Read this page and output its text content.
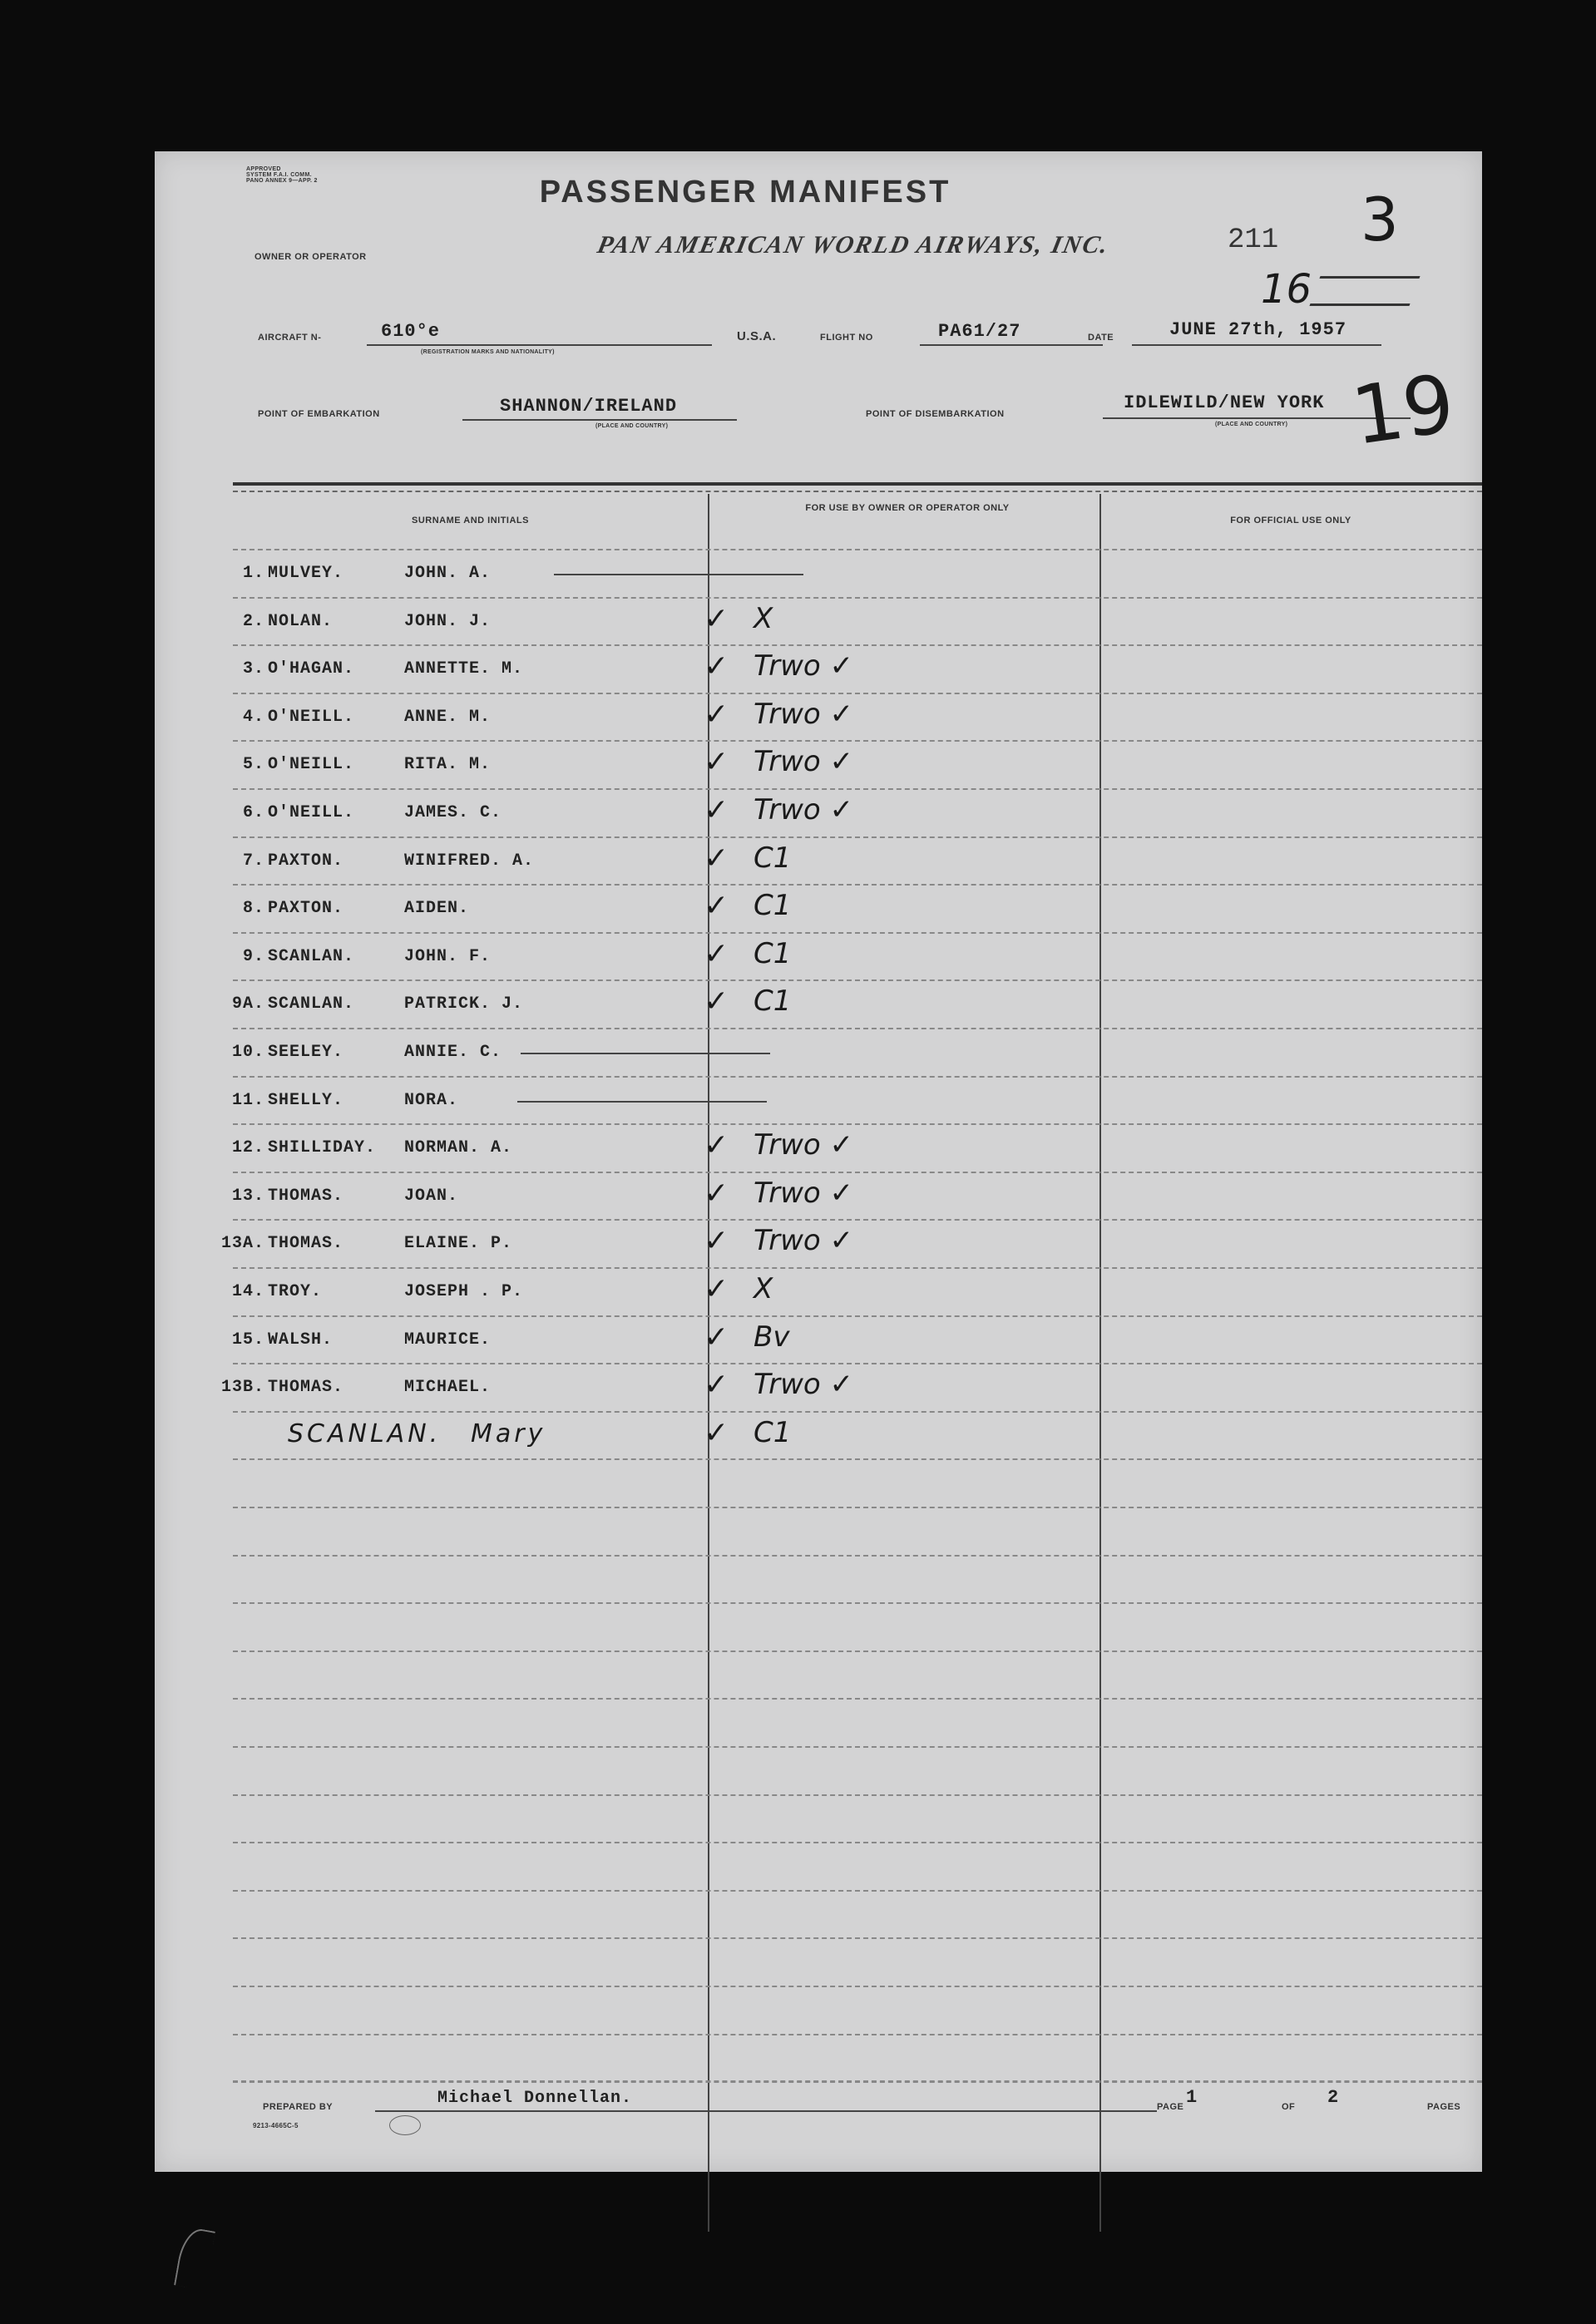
APPROVED
SYSTEM F.A.I. COMM.
PANO ANNEX 9—APP. 2	PASSENGER MANIFEST
OWNER OR OPERATOR	PAN AMERICAN WORLD AIRWAYS, INC.	211 3
16
AIRCRAFT N-	610°e
(REGISTRATION MARKS AND NATIONALITY)
U.S.A.	FLIGHT NO	PA61/27	DATE	JUNE 27th, 1957
POINT OF EMBARKATION	SHANNON/IRELAND
(PLACE AND COUNTRY)
POINT OF DISEMBARKATION
IDLEWILD/NEW YORK
(PLACE AND COUNTRY) 19
SURNAME AND INITIALS
FOR USE BY OWNER OR OPERATOR ONLY
FOR OFFICIAL USE ONLY
1. MULVEY.	JOHN. A.
2. NOLAN.	JOHN. J.	✓ X
3. O'HAGAN.	ANNETTE. M.	✓ Trwo ✓
4. O'NEILL.	ANNE. M.	✓ Trwo ✓
5. O'NEILL.	RITA. M.	✓ Trwo ✓
6. O'NEILL.	JAMES. C.	✓ Trwo ✓
7. PAXTON.	WINIFRED. A.	✓ C1
8. PAXTON.	AIDEN.	✓ C1
9. SCANLAN.	JOHN. F.	✓ C1
9A. SCANLAN.	PATRICK. J.	✓ C1
10. SEELEY.	ANNIE. C.
11. SHELLY.	NORA.
12. SHILLIDAY. NORMAN. A.	✓ Trwo ✓
13. THOMAS.	JOAN.	✓ Trwo ✓
13A. THOMAS.	ELAINE. P.	✓ Trwo ✓
14. TROY.	JOSEPH . P.	✓ X
15. WALSH.	MAURICE.	✓ Bv
13B. THOMAS.	MICHAEL.	✓ Trwo ✓
SCANLAN. Mary	✓ C1
PREPARED BY	Michael Donnellan.
9213-4665C-5
PAGE 1	OF 2	PAGES
